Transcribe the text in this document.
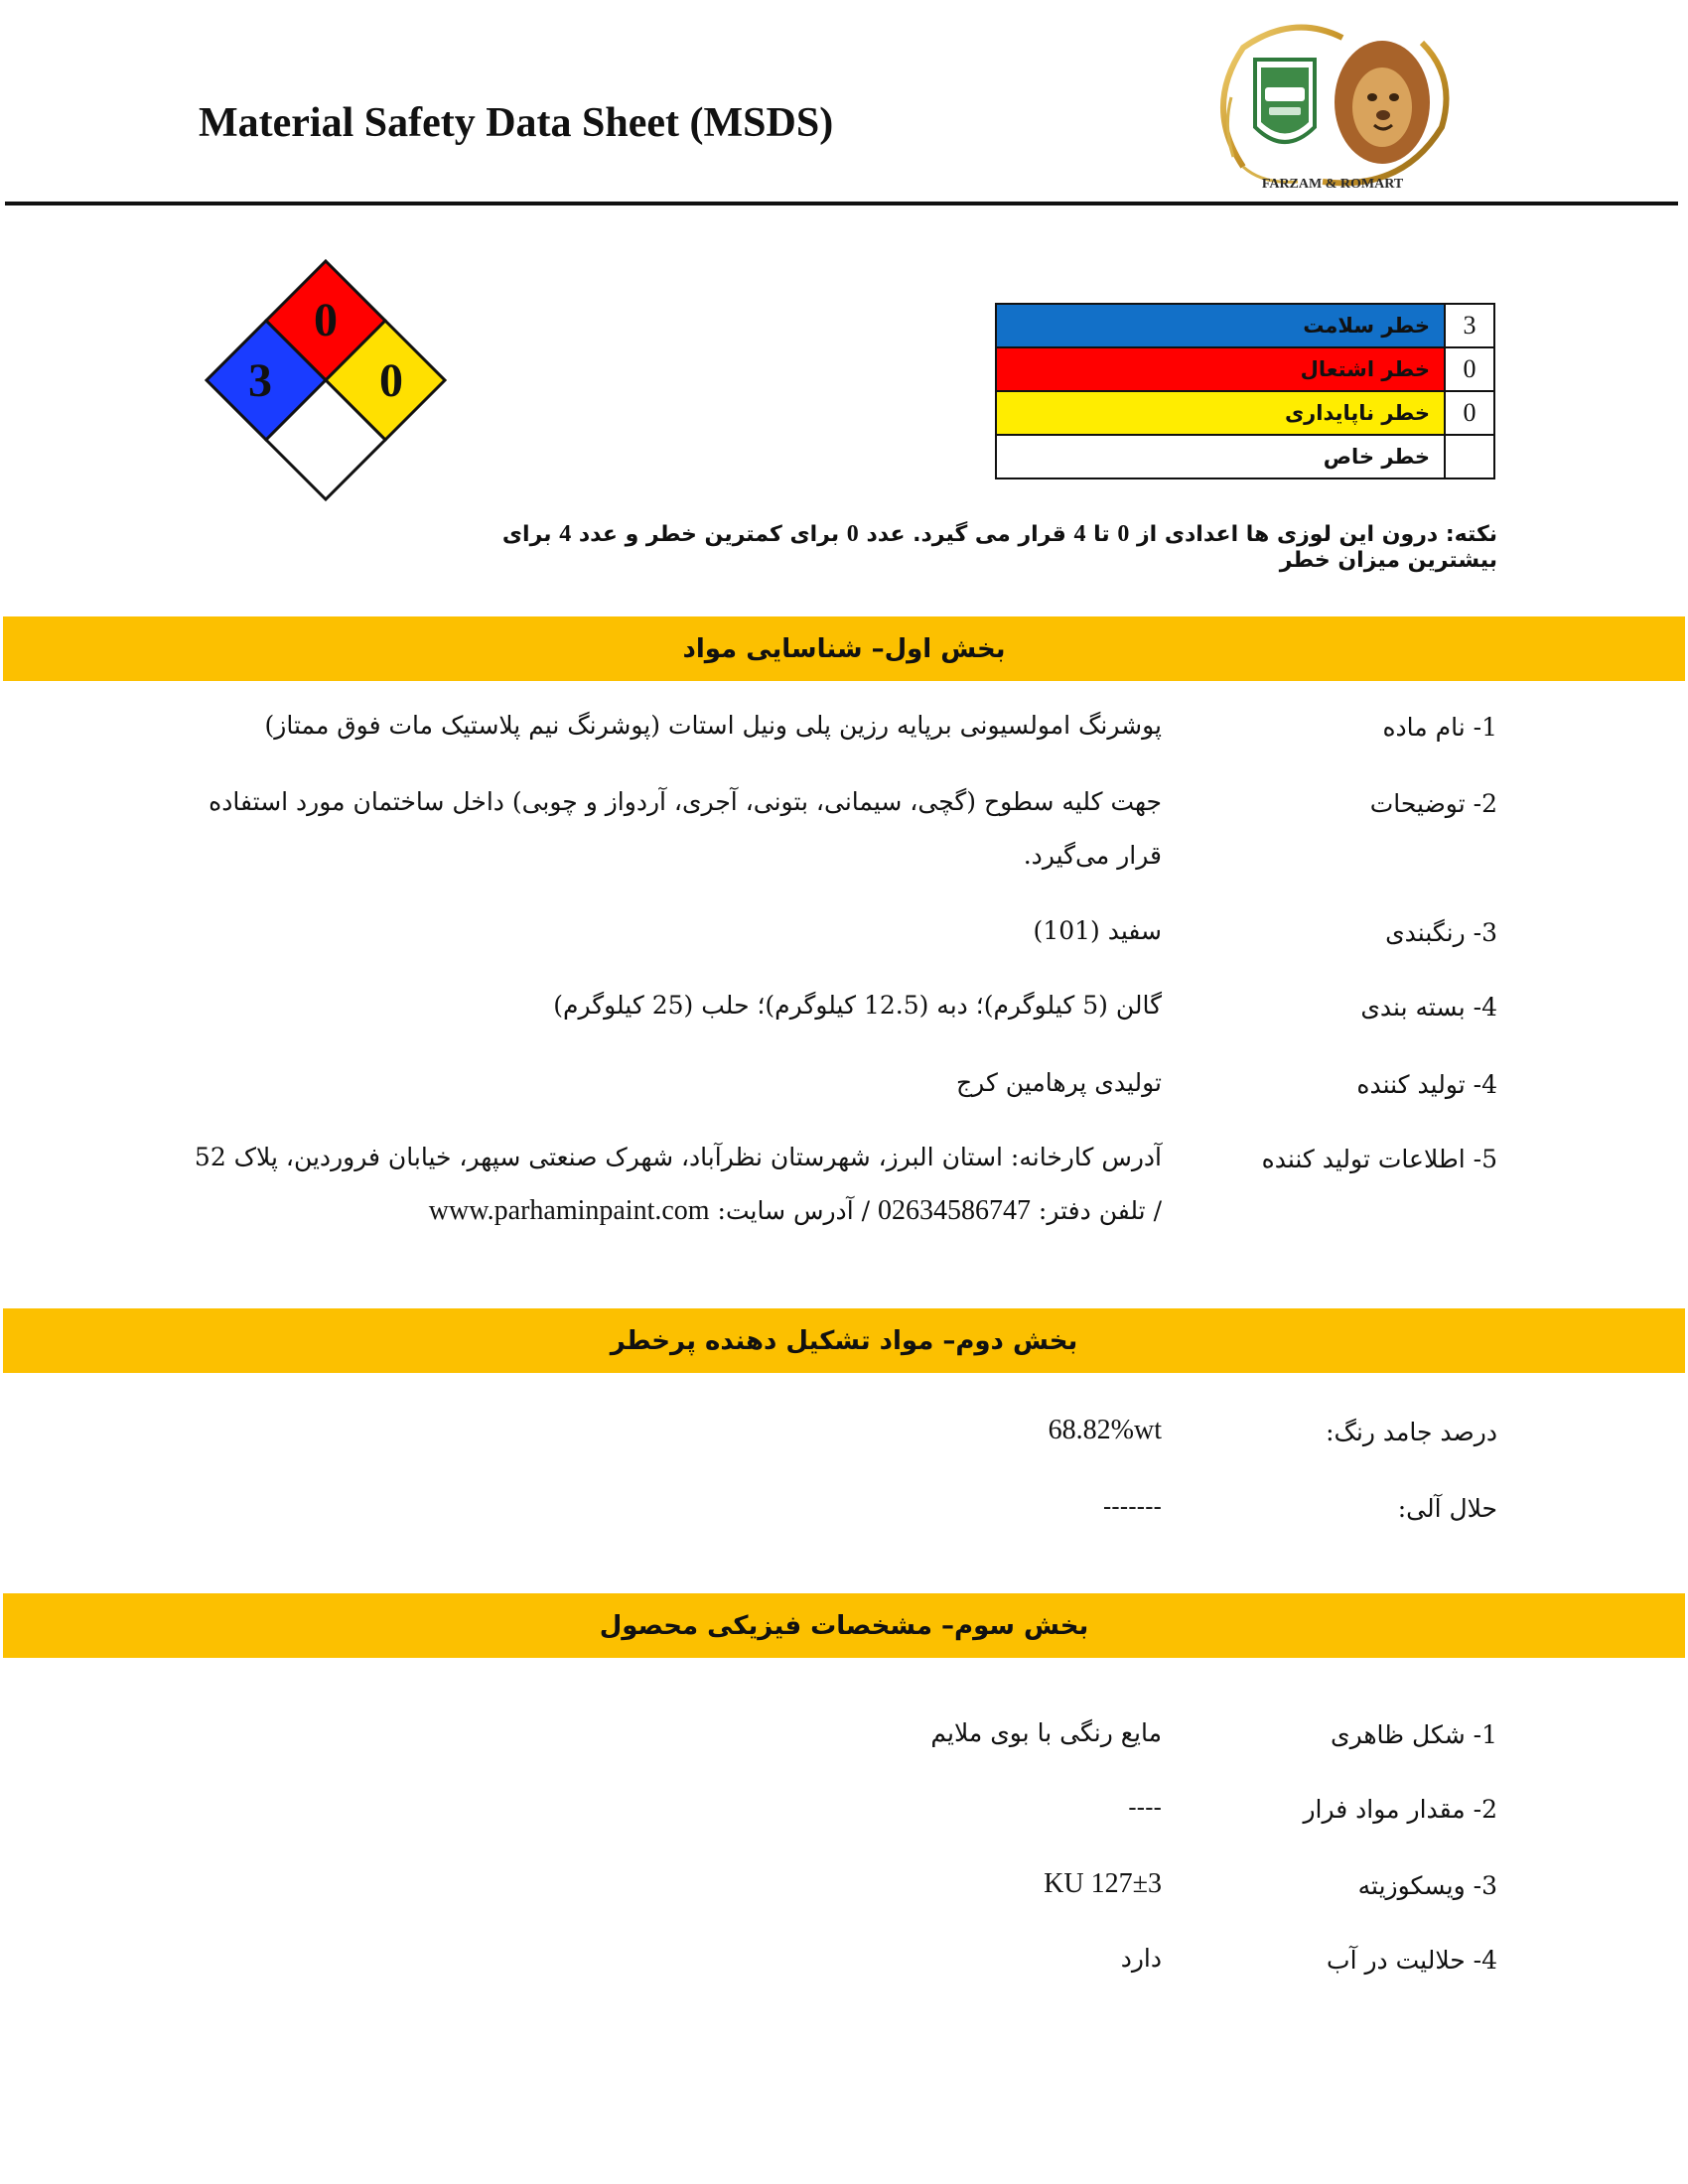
Material Safety Data Sheet (MSDS)
FARZAM & ROMART
0
3 0
خطر سلامت	3
خطر اشتعال	0
خطر ناپایداری	0
خطر خاص	
نکته: درون این لوزی ها اعدادی از 0 تا 4 قرار می گیرد. عدد 0 برای کمترین خطر و عدد 4 برای بیشترین میزان خطر
بخش اول– شناسایی مواد
1- نام ماده
پوشرنگ امولسیونی برپایه رزین پلی ونیل استات (پوشرنگ نیم پلاستیک مات فوق ممتاز)
2- توضیحات
جهت کلیه سطوح (گچی، سیمانی، بتونی، آجری، آردواز و چوبی) داخل ساختمان مورد استفاده قرار می‌گیرد.
3- رنگبندی
سفید (101)
4- بسته بندی
گالن (5 کیلوگرم)؛ دبه (12.5 کیلوگرم)؛ حلب (25 کیلوگرم)
4- تولید کننده
تولیدی پرهامین کرج
5- اطلاعات تولید کننده
آدرس کارخانه: استان البرز، شهرستان نظرآباد، شهرک صنعتی سپهر، خیابان فروردین، پلاک 52
/ تلفن دفتر: 02634586747 / آدرس سایت: www.parhaminpaint.com
بخش دوم– مواد تشکیل دهنده پرخطر
درصد جامد رنگ:
68.82%wt
حلال آلی:
-------
بخش سوم– مشخصات فیزیکی محصول
1- شکل ظاهری
مایع رنگی با بوی ملایم
2- مقدار مواد فرار
----
3- ویسکوزیته
127±3 KU
4- حلالیت در آب
دارد
